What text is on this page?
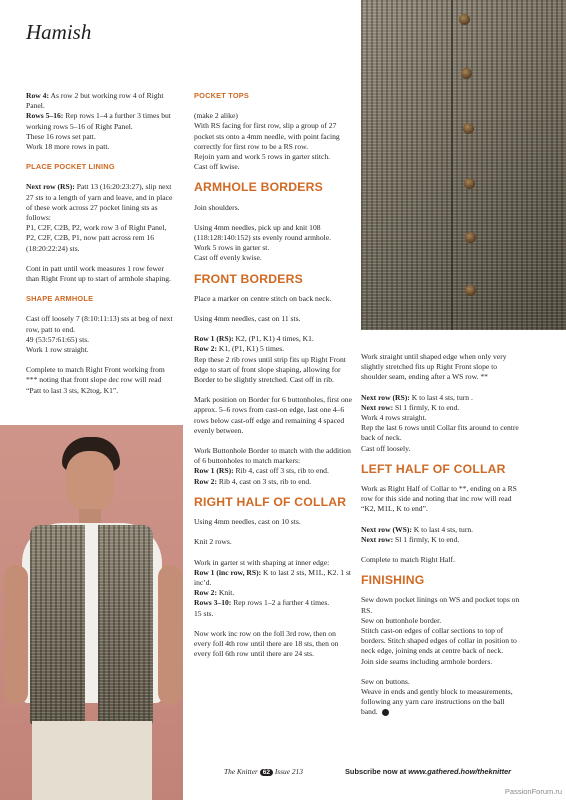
Hamish

Row 4: As row 2 but working row 4 of Right Panel.

Rows 5–16: Rep rows 1–4 a further 3 times but working rows 5–16 of Right Panel.

These 16 rows set patt.

Work 18 more rows in patt.

PLACE POCKET LINING

Next row (RS): Patt 13 (16:20:23:27), slip next 27 sts to a length of yarn and leave, and in place of these work across 27 pocket lining sts as follows:

P1, C2F, C2B, P2, work row 3 of Right Panel, P2, C2F, C2B, P1, now patt across rem 16 (18:20:22:24) sts.

Cont in patt until work measures 1 row fewer than Right Front up to start of armhole shaping.

SHAPE ARMHOLE

Cast off loosely 7 (8:10:11:13) sts at beg of next row, patt to end.

49 (53:57:61:65) sts.

Work 1 row straight.

Complete to match Right Front working from *** noting that front slope dec row will read “Patt to last 3 sts, K2tog, K1”.

POCKET TOPS

(make 2 alike)

With RS facing for first row, slip a group of 27 pocket sts onto a 4mm needle, with point facing correctly for first row to be a RS row.

Rejoin yarn and work 5 rows in garter stitch.

Cast off kwise.

ARMHOLE BORDERS

Join shoulders.

Using 4mm needles, pick up and knit 108 (118:128:140:152) sts evenly round armhole.

Work 5 rows in garter st.

Cast off evenly kwise.

FRONT BORDERS

Place a marker on centre stitch on back neck.

Using 4mm needles, cast on 11 sts.

Row 1 (RS): K2, (P1, K1) 4 times, K1.

Row 2: K1, (P1, K1) 5 times.

Rep these 2 rib rows until strip fits up Right Front edge to start of front slope shaping, allowing for Border to be slightly stretched. Cast off in rib.

Mark position on Border for 6 buttonholes, first one approx. 5–6 rows from cast-on edge, last one 4–6 rows below cast-off edge and remaining 4 spaced evenly between.

Work Buttonhole Border to match with the addition of 6 buttonholes to match markers:

Row 1 (RS): Rib 4, cast off 3 sts, rib to end.

Row 2: Rib 4, cast on 3 sts, rib to end.

RIGHT HALF OF COLLAR

Using 4mm needles, cast on 10 sts.

Knit 2 rows.

Work in garter st with shaping at inner edge:

Row 1 (inc row, RS): K to last 2 sts, M1L, K2. 1 st inc’d.

Row 2: Knit.

Rows 3–10: Rep rows 1–2 a further 4 times.

15 sts.

Now work inc row on the foll 3rd row, then on every foll 4th row until there are 18 sts, then on every foll 6th row until there are 24 sts.

Work straight until shaped edge when only very slightly stretched fits up Right Front slope to shoulder seam, ending after a WS row. **

Next row (RS): K to last 4 sts, turn .

Next row: Sl 1 firmly, K to end.

Work 4 rows straight.

Rep the last 6 rows until Collar fits around to centre back of neck.

Cast off loosely.

LEFT HALF OF COLLAR

Work as Right Half of Collar to **, ending on a RS row for this side and noting that inc row will read “K2, M1L, K to end”.

Next row (WS): K to last 4 sts, turn.

Next row: Sl 1 firmly, K to end.

Complete to match Right Half.

FINISHING

Sew down pocket linings on WS and pocket tops on RS.

Sew on buttonhole border.

Stitch cast-on edges of collar sections to top of borders. Stitch shaped edges of collar in position to neck edge, joining ends at centre back of neck.

Join side seams including armhole borders.

Sew on buttons.

Weave in ends and gently block to measurements, following any yarn care instructions on the ball band.

The Knitter 62 Issue 213	Subscribe now at www.gathered.how/theknitter
PassionForum.ru
